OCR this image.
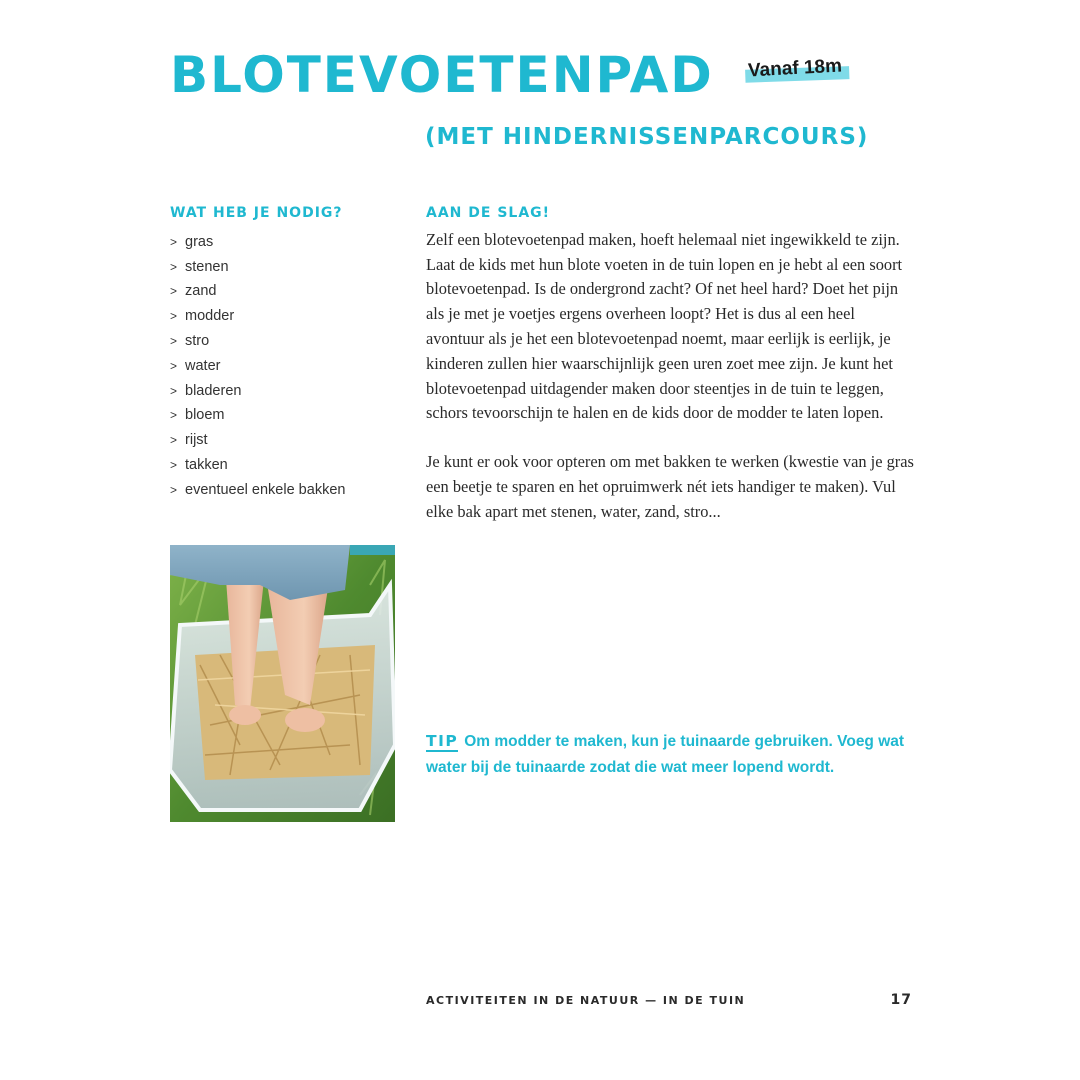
BLOTEVOETENPAD Vanaf 18m
(MET HINDERNISSENPARCOURS)
WAT HEB JE NODIG?
> gras
> stenen
> zand
> modder
> stro
> water
> bladeren
> bloem
> rijst
> takken
> eventueel enkele bakken
AAN DE SLAG!

Zelf een blotevoetenpad maken, hoeft helemaal niet ingewikkeld te zijn. Laat de kids met hun blote voeten in de tuin lopen en je hebt al een soort blotevoetenpad. Is de ondergrond zacht? Of net heel hard? Doet het pijn als je met je voetjes ergens overheen loopt? Het is dus al een heel avontuur als je het een blotevoetenpad noemt, maar eerlijk is eerlijk, je kinderen zullen hier waarschijnlijk geen uren zoet mee zijn. Je kunt het blotevoetenpad uitdagender maken door steentjes in de tuin te leggen, schors tevoorschijn te halen en de kids door de modder te laten lopen.

Je kunt er ook voor opteren om met bakken te werken (kwestie van je gras een beetje te sparen en het opruimwerk nét iets handiger te maken). Vul elke bak apart met stenen, water, zand, stro...

TIP Om modder te maken, kun je tuinaarde gebruiken. Voeg wat water bij de tuinaarde zodat die wat meer lopend wordt.

ACTIVITEITEN IN DE NATUUR — IN DE TUIN	17
